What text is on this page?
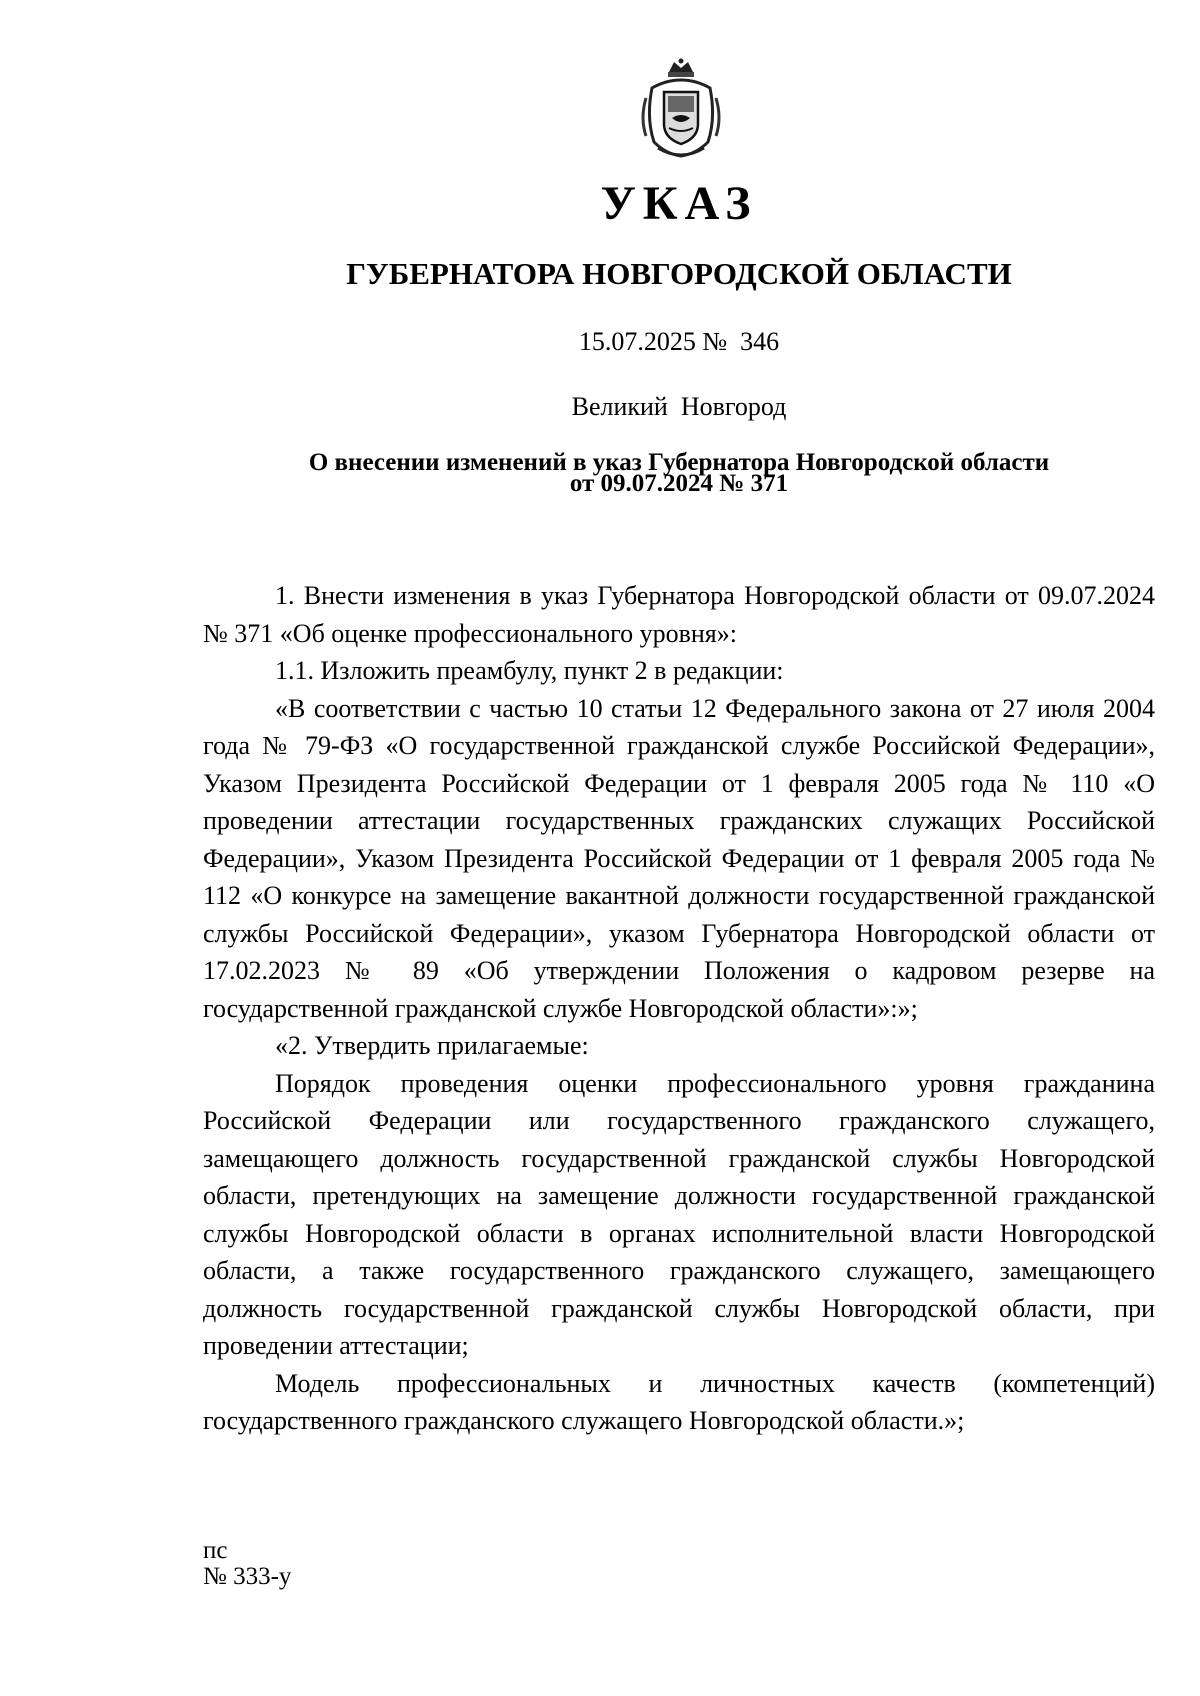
УКАЗ
ГУБЕРНАТОРА НОВГОРОДСКОЙ ОБЛАСТИ
15.07.2025 №  346
Великий  Новгород
О внесении изменений в указ Губернатора Новгородской области
от 09.07.2024 № 371

1. Внести изменения в указ Губернатора Новгородской области от 09.07.2024 № 371 «Об оценке профессионального уровня»:

1.1. Изложить преамбулу, пункт 2 в редакции:

«В соответствии с частью 10 статьи 12 Федерального закона от 27 июля 2004 года № 79-ФЗ «О государственной гражданской службе Российской Федерации», Указом Президента Российской Федерации от 1 февраля 2005 года № 110 «О проведении аттестации государственных гражданских служащих Российской Федерации», Указом Президента Российской Федерации от 1 февраля 2005 года № 112 «О конкурсе на замещение вакантной должности государственной гражданской службы Российской Федерации», указом Губернатора Новгородской области от 17.02.2023 № 89 «Об утверждении Положения о кадровом резерве на государственной гражданской службе Новгородской области»:»;

«2. Утвердить прилагаемые:

Порядок проведения оценки профессионального уровня гражданина Российской Федерации или государственного гражданского служащего, замещающего должность государственной гражданской службы Новгородской области, претендующих на замещение должности государственной гражданской службы Новгородской области в органах исполнительной власти Новгородской области, а также государственного гражданского служащего, замещающего должность государственной гражданской службы Новгородской области, при проведении аттестации;

Модель профессиональных и личностных качеств (компетенций) государственного гражданского служащего Новгородской области.»;

пс
№ 333-у
